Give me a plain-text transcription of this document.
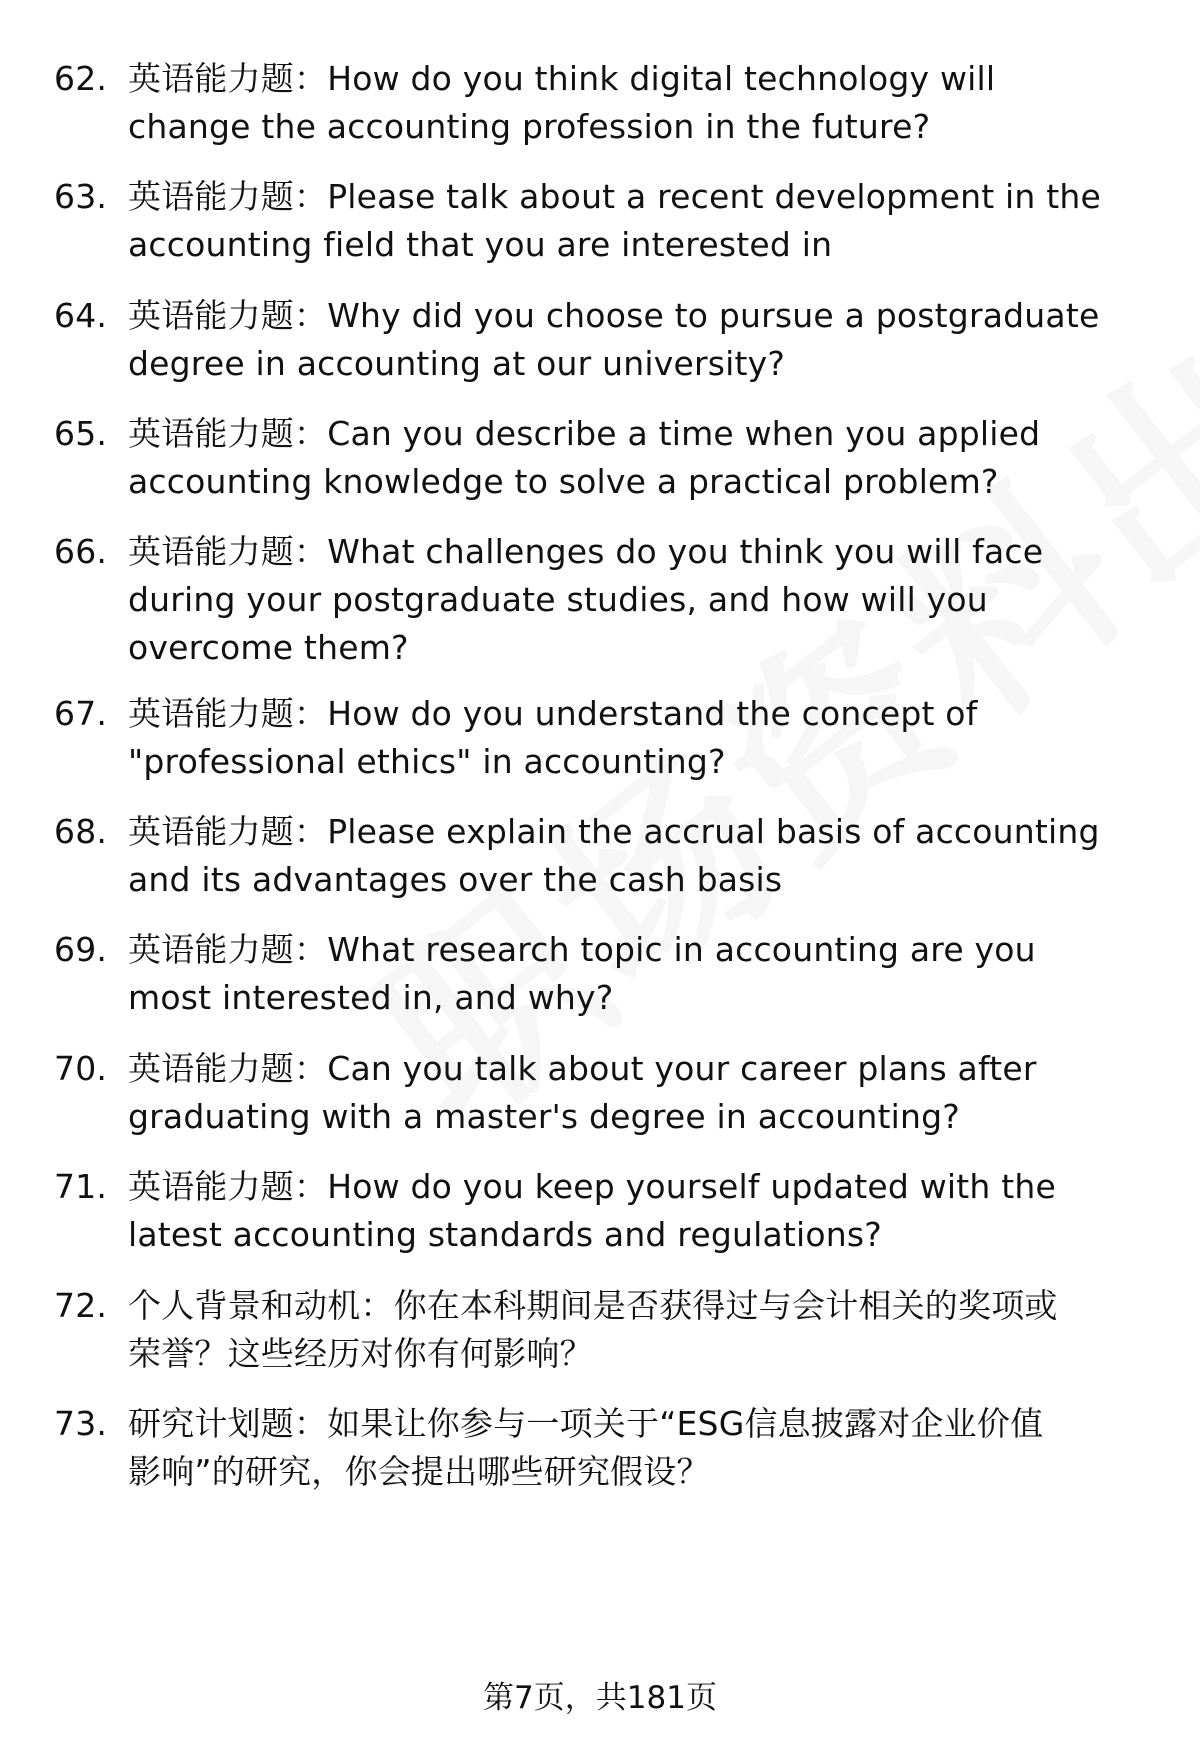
62. 英语能力题：How do you think digital technology will
change the accounting profession in the future?
63. 英语能力题：Please talk about a recent development in the
accounting field that you are interested in
64. 英语能力题：Why did you choose to pursue a postgraduate
degree in accounting at our university?
65. 英语能力题：Can you describe a time when you applied
accounting knowledge to solve a practical problem?
66. 英语能力题：What challenges do you think you will face
during your postgraduate studies, and how will you
overcome them?
67. 英语能力题：How do you understand the concept of
"professional ethics" in accounting?
68. 英语能力题：Please explain the accrual basis of accounting
and its advantages over the cash basis
69. 英语能力题：What research topic in accounting are you
most interested in, and why?
70. 英语能力题：Can you talk about your career plans after
graduating with a master's degree in accounting?
71. 英语能力题：How do you keep yourself updated with the
latest accounting standards and regulations?
72. 个人背景和动机：你在本科期间是否获得过与会计相关的奖项或
荣誉？这些经历对你有何影响？
73. 研究计划题：如果让你参与一项关于“ESG信息披露对企业价值
影响”的研究，你会提出哪些研究假设？
第7页，共181页
